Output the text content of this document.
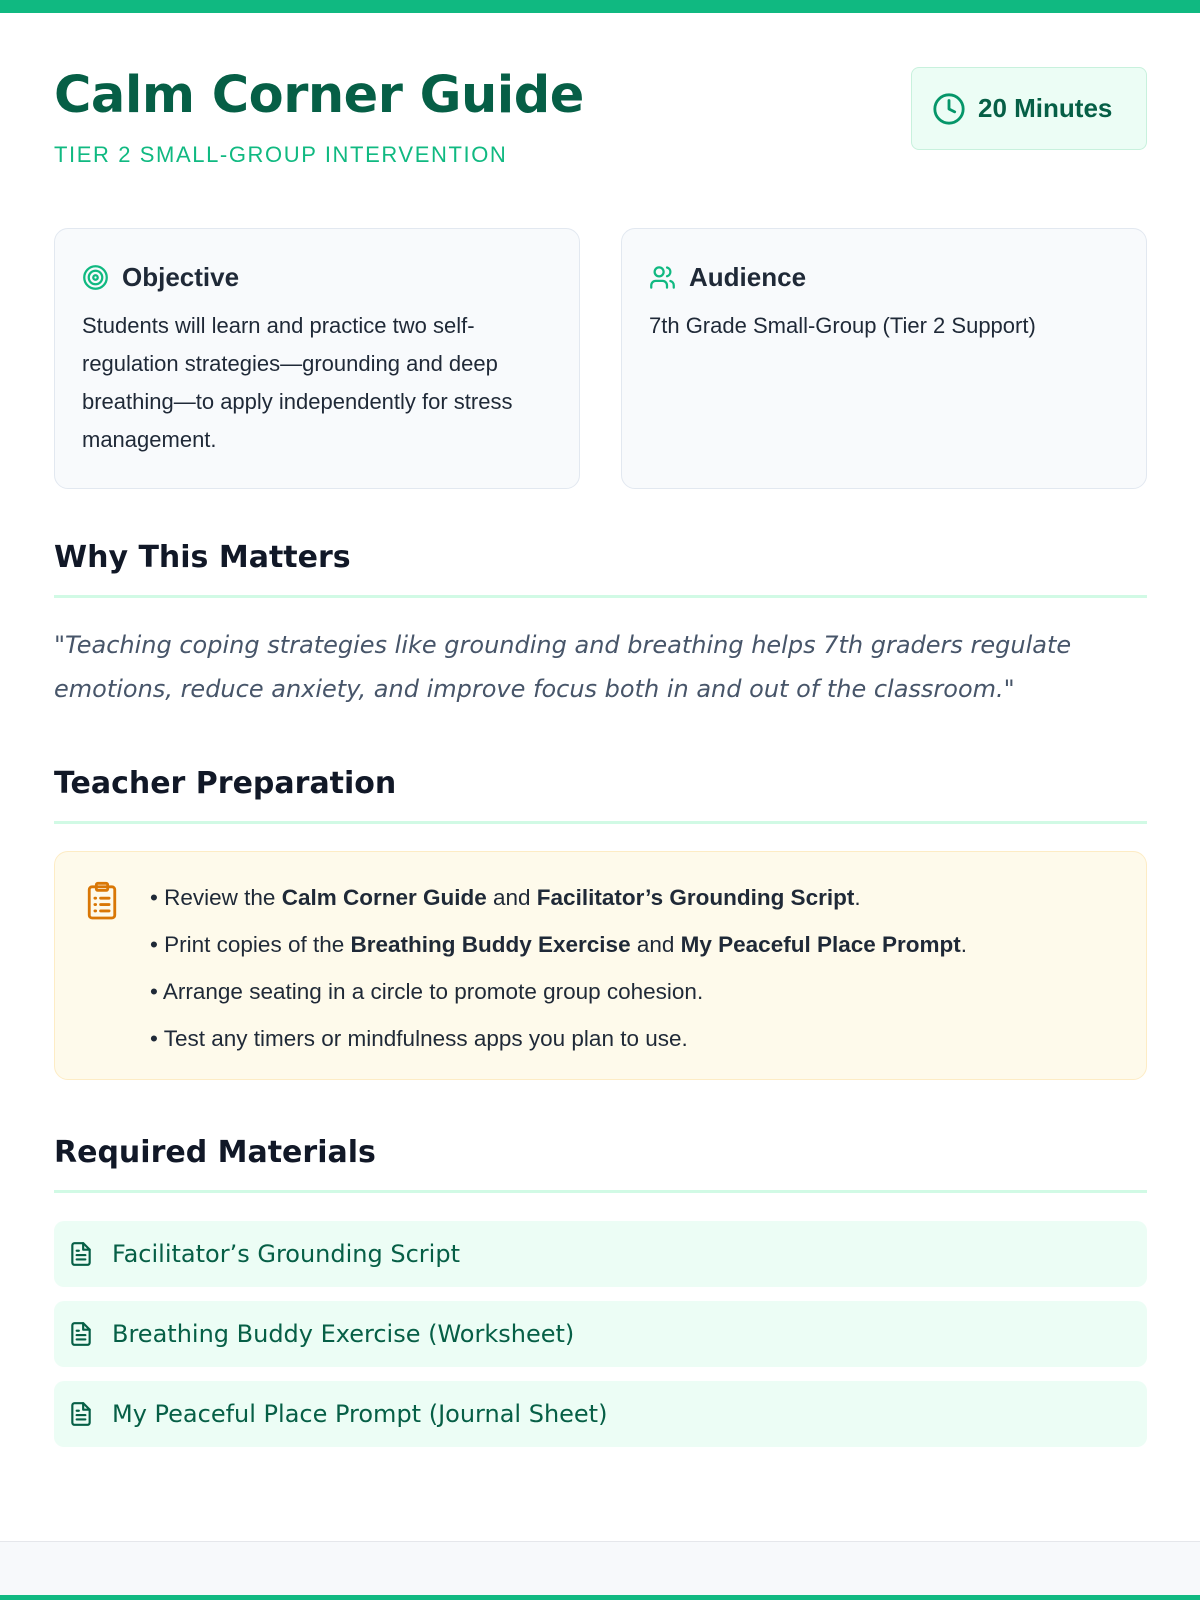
Calm Corner Guide
TIER 2 SMALL-GROUP INTERVENTION
20 Minutes
Objective

Students will learn and practice two self-regulation strategies—grounding and deep breathing—to apply independently for stress management.

Audience

7th Grade Small-Group (Tier 2 Support)

Why This Matters

"Teaching coping strategies like grounding and breathing helps 7th graders regulate emotions, reduce anxiety, and improve focus both in and out of the classroom."

Teacher Preparation
• Review the Calm Corner Guide and Facilitator’s Grounding Script.
• Print copies of the Breathing Buddy Exercise and My Peaceful Place Prompt.
• Arrange seating in a circle to promote group cohesion.
• Test any timers or mindfulness apps you plan to use.
Required Materials
Facilitator’s Grounding Script
Breathing Buddy Exercise (Worksheet)
My Peaceful Place Prompt (Journal Sheet)
